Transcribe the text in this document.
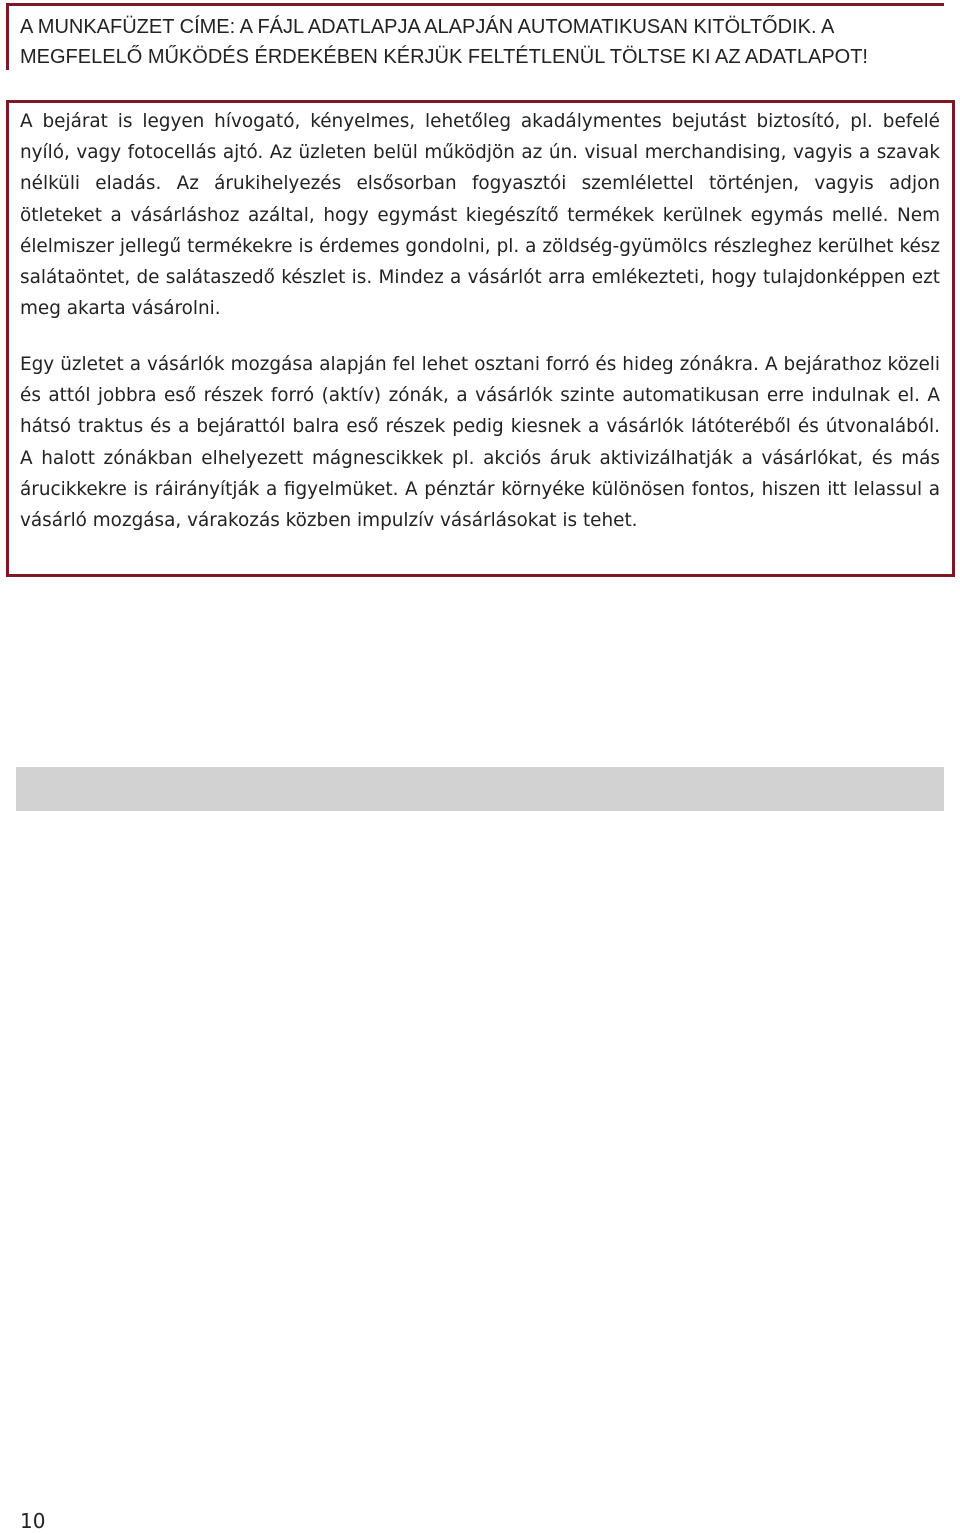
A MUNKAFÜZET CÍME: A FÁJL ADATLAPJA ALAPJÁN AUTOMATIKUSAN KITÖLTŐDIK. A MEGFELELŐ MŰKÖDÉS ÉRDEKÉBEN KÉRJÜK FELTÉTLENÜL TÖLTSE KI AZ ADATLAPOT!

A bejárat is legyen hívogató, kényelmes, lehetőleg akadálymentes bejutást biztosító, pl. befelé nyíló, vagy fotocellás ajtó. Az üzleten belül működjön az ún. visual merchandising, vagyis a szavak nélküli eladás. Az árukihelyezés elsősorban fogyasztói szemlélettel történjen, vagyis adjon ötleteket a vásárláshoz azáltal, hogy egymást kiegészítő termékek kerülnek egymás mellé. Nem élelmiszer jellegű termékekre is érdemes gondolni, pl. a zöldség-gyümölcs részleghez kerülhet kész salátaöntet, de salátaszedő készlet is. Mindez a vásárlót arra emlékezteti, hogy tulajdonképpen ezt meg akarta vásárolni.

Egy üzletet a vásárlók mozgása alapján fel lehet osztani forró és hideg zónákra. A bejárathoz közeli és attól jobbra eső részek forró (aktív) zónák, a vásárlók szinte automatikusan erre indulnak el. A hátsó traktus és a bejárattól balra eső részek pedig kiesnek a vásárlók látóteréből és útvonalából. A halott zónákban elhelyezett mágnescikkek pl. akciós áruk aktivizálhatják a vásárlókat, és más árucikkekre is ráirányítják a figyelmüket. A pénztár környéke különösen fontos, hiszen itt lelassul a vásárló mozgása, várakozás közben impulzív vásárlásokat is tehet.

10
